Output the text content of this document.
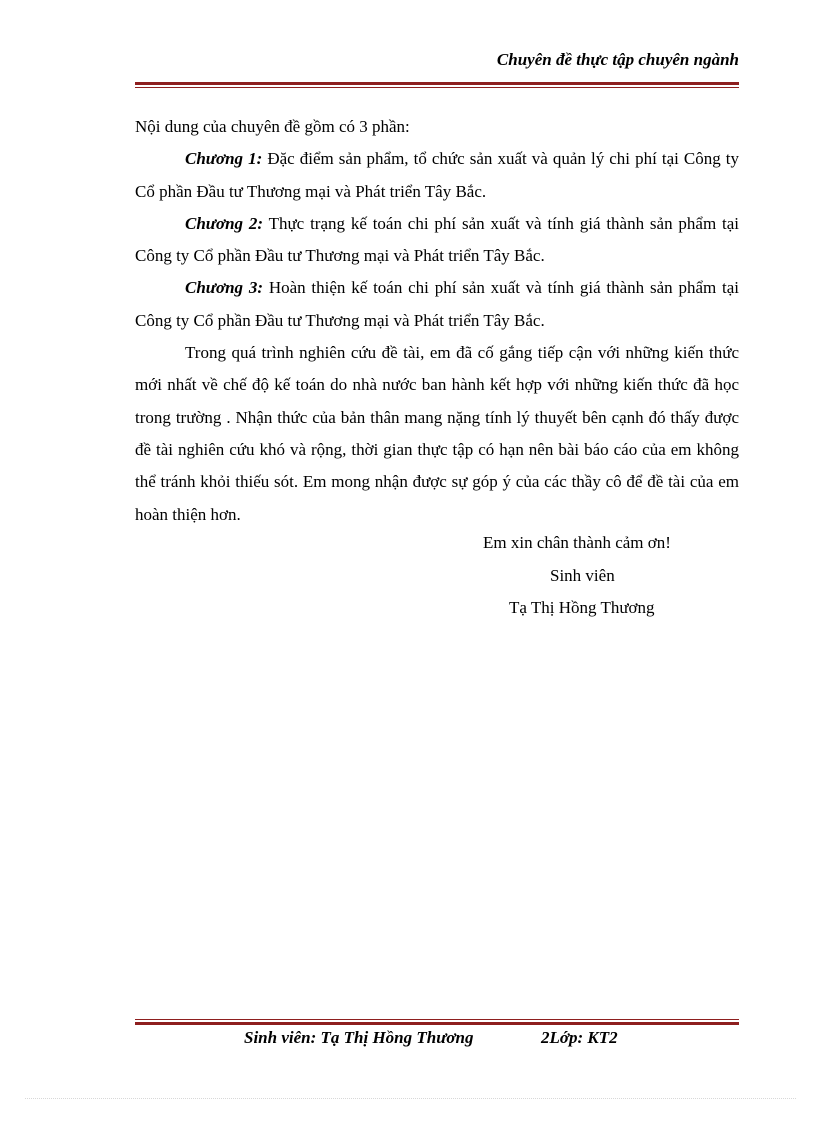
Chuyên đề thực tập chuyên ngành

Nội dung của chuyên đề gồm có 3 phần:

Chương 1: Đặc điểm sản phẩm, tổ chức sản xuất và quản lý chi phí tại Công ty Cổ phần Đầu tư Thương mại và Phát triển Tây Bắc.

Chương 2: Thực trạng kế toán chi phí sản xuất và tính giá thành sản phẩm tại Công ty Cổ phần Đầu tư Thương mại và Phát triển Tây Bắc.

Chương 3: Hoàn thiện kế toán chi phí sản xuất và tính giá thành sản phẩm tại Công ty Cổ phần Đầu tư Thương mại và Phát triển Tây Bắc.

Trong quá trình nghiên cứu đề tài, em đã cố gắng tiếp cận với những kiến thức mới nhất về chế độ kế toán do nhà nước ban hành kết hợp với những kiến thức đã học trong trường . Nhận thức của bản thân mang nặng tính lý thuyết bên cạnh đó thấy được đề tài nghiên cứu khó và rộng, thời gian thực tập có hạn nên bài báo cáo của em không thể tránh khỏi thiếu sót. Em mong nhận được sự góp ý của các thầy cô để đề tài của em hoàn thiện hơn.

Em xin chân thành cảm ơn!
Sinh viên
Tạ Thị Hồng Thương
Sinh viên: Tạ Thị Hồng Thương	2Lớp: KT2
